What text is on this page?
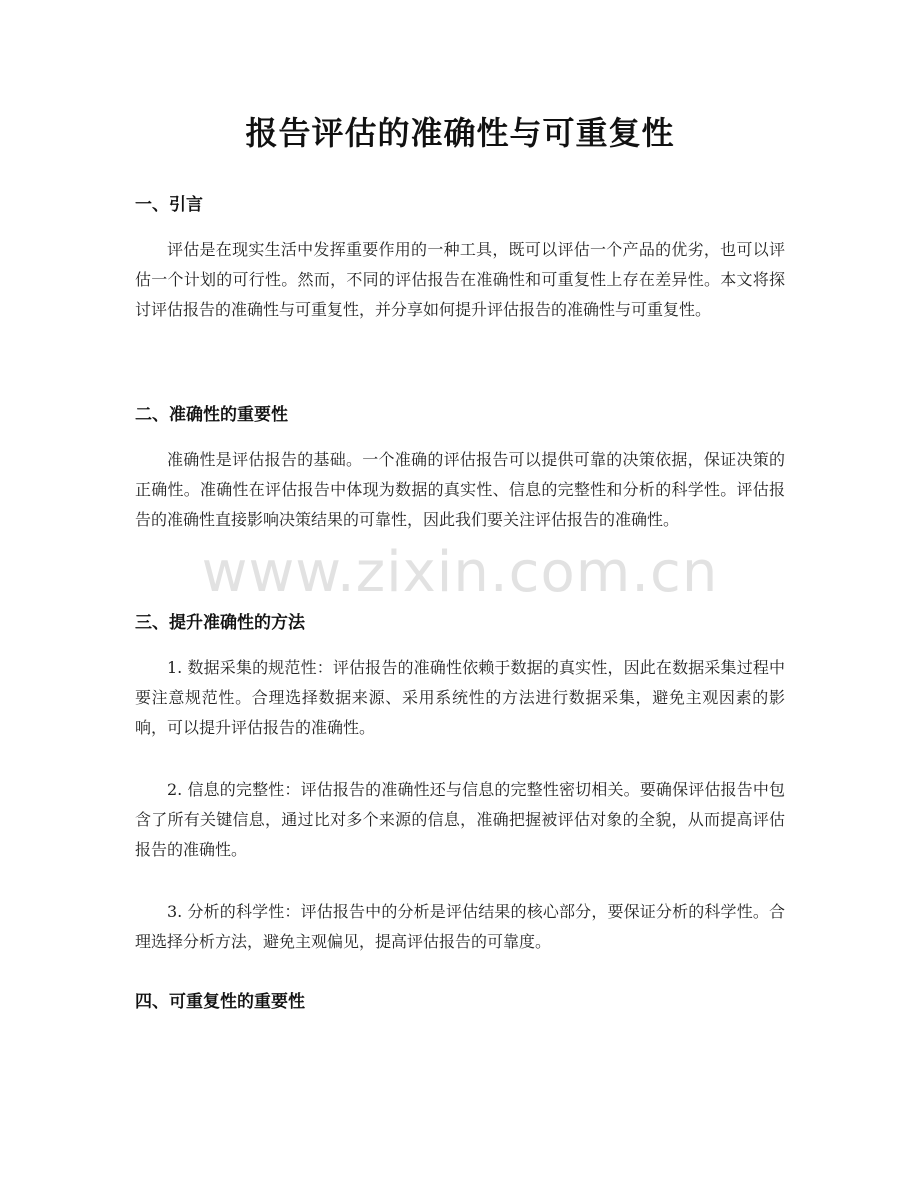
报告评估的准确性与可重复性
一、引言

评估是在现实生活中发挥重要作用的一种工具，既可以评估一个产品的优劣，也可以评估一个计划的可行性。然而，不同的评估报告在准确性和可重复性上存在差异性。本文将探讨评估报告的准确性与可重复性，并分享如何提升评估报告的准确性与可重复性。

二、准确性的重要性

准确性是评估报告的基础。一个准确的评估报告可以提供可靠的决策依据，保证决策的正确性。准确性在评估报告中体现为数据的真实性、信息的完整性和分析的科学性。评估报告的准确性直接影响决策结果的可靠性，因此我们要关注评估报告的准确性。

三、提升准确性的方法

1. 数据采集的规范性：评估报告的准确性依赖于数据的真实性，因此在数据采集过程中要注意规范性。合理选择数据来源、采用系统性的方法进行数据采集，避免主观因素的影响，可以提升评估报告的准确性。

2. 信息的完整性：评估报告的准确性还与信息的完整性密切相关。要确保评估报告中包含了所有关键信息，通过比对多个来源的信息，准确把握被评估对象的全貌，从而提高评估报告的准确性。

3. 分析的科学性：评估报告中的分析是评估结果的核心部分，要保证分析的科学性。合理选择分析方法，避免主观偏见，提高评估报告的可靠度。

四、可重复性的重要性
www.zixin.com.cn
